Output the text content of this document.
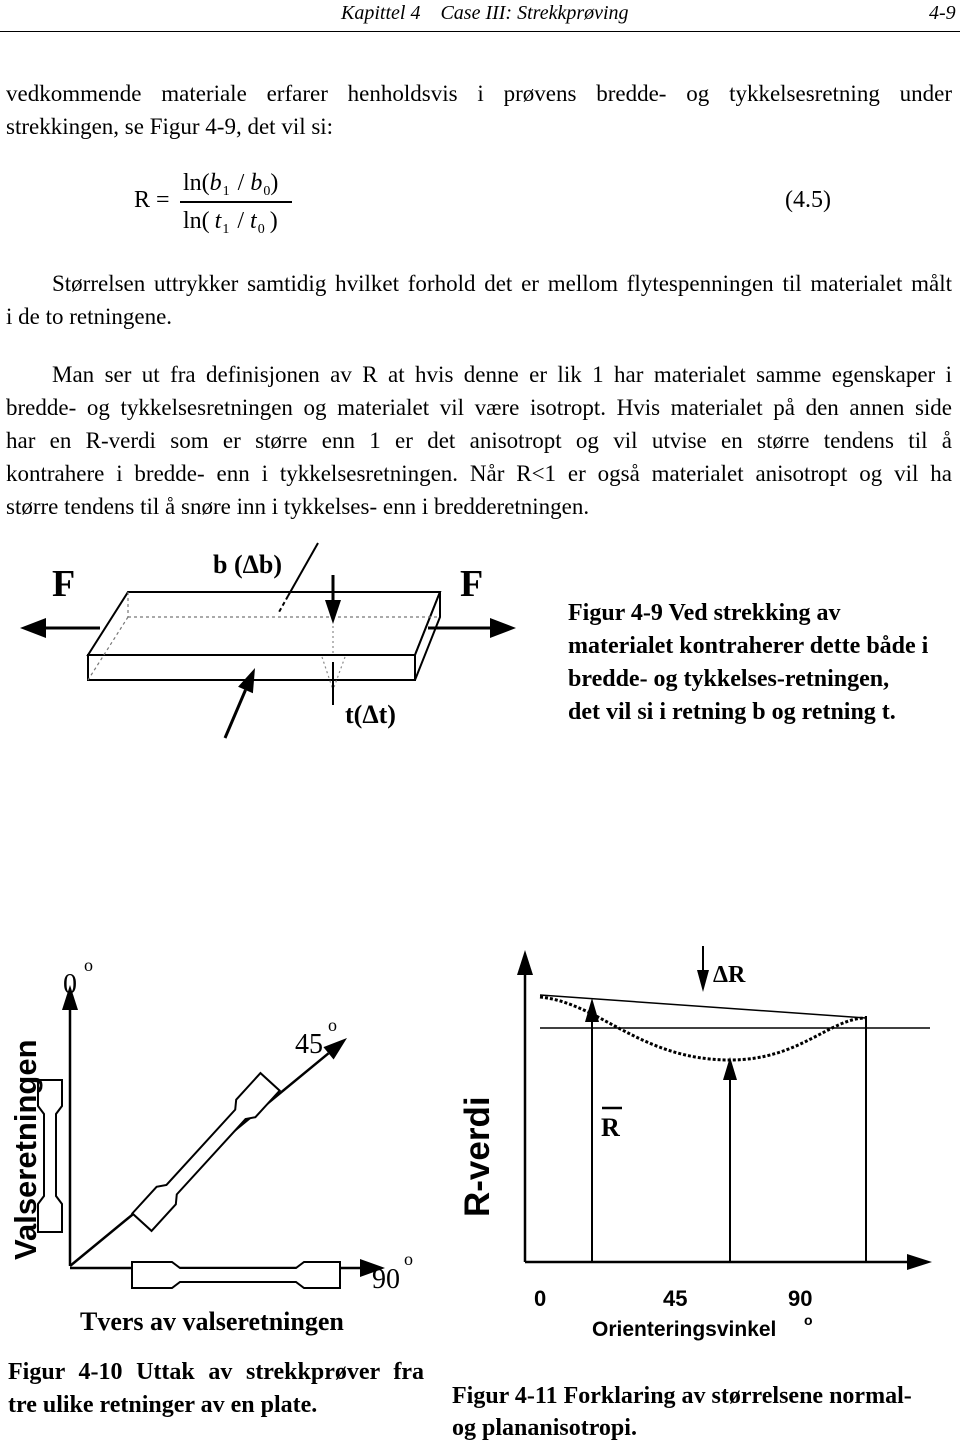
Kapittel 4 Case III: Strekkprøving	4-9
vedkommende materiale erfarer henholdsvis i prøvens bredde- og tykkelsesretning under
strekkingen, se Figur 4-9, det vil si:
R =
$\ln(b_1 / b_0)$
ln( $t_1 / t_0$ )
(4.5)
Størrelsen uttrykker samtidig hvilket forhold det er mellom flytespenningen til materialet målt
i de to retningene.
Man ser ut fra definisjonen av R at hvis denne er lik 1 har materialet samme egenskaper i
bredde- og tykkelsesretningen og materialet vil være isotropt. Hvis materialet på den annen side
har en R-verdi som er større enn 1 er det anisotropt og vil utvise en større tendens til å
kontrahere i bredde- enn i tykkelsesretningen. Når R<1 er også materialet anisotropt og vil ha
større tendens til å snøre inn i tykkelses- enn i bredderetningen.
F	F
b (Δb)
t(Δt)
Figur 4-9 Ved strekking av
materialet kontraherer dette både i
bredde- og tykkelses-retningen,
det vil si i retning b og retning t.
0
o
45
o
90
o
Valseretningen
Tvers av valseretningen
Figur 4-10 Uttak av strekkprøver fra
tre ulike retninger av en plate.
ΔR
R
R-verdi
0	45	90
Orienteringsvinkel o
Figur 4-11 Forklaring av størrelsene normal-
og plananisotropi.
